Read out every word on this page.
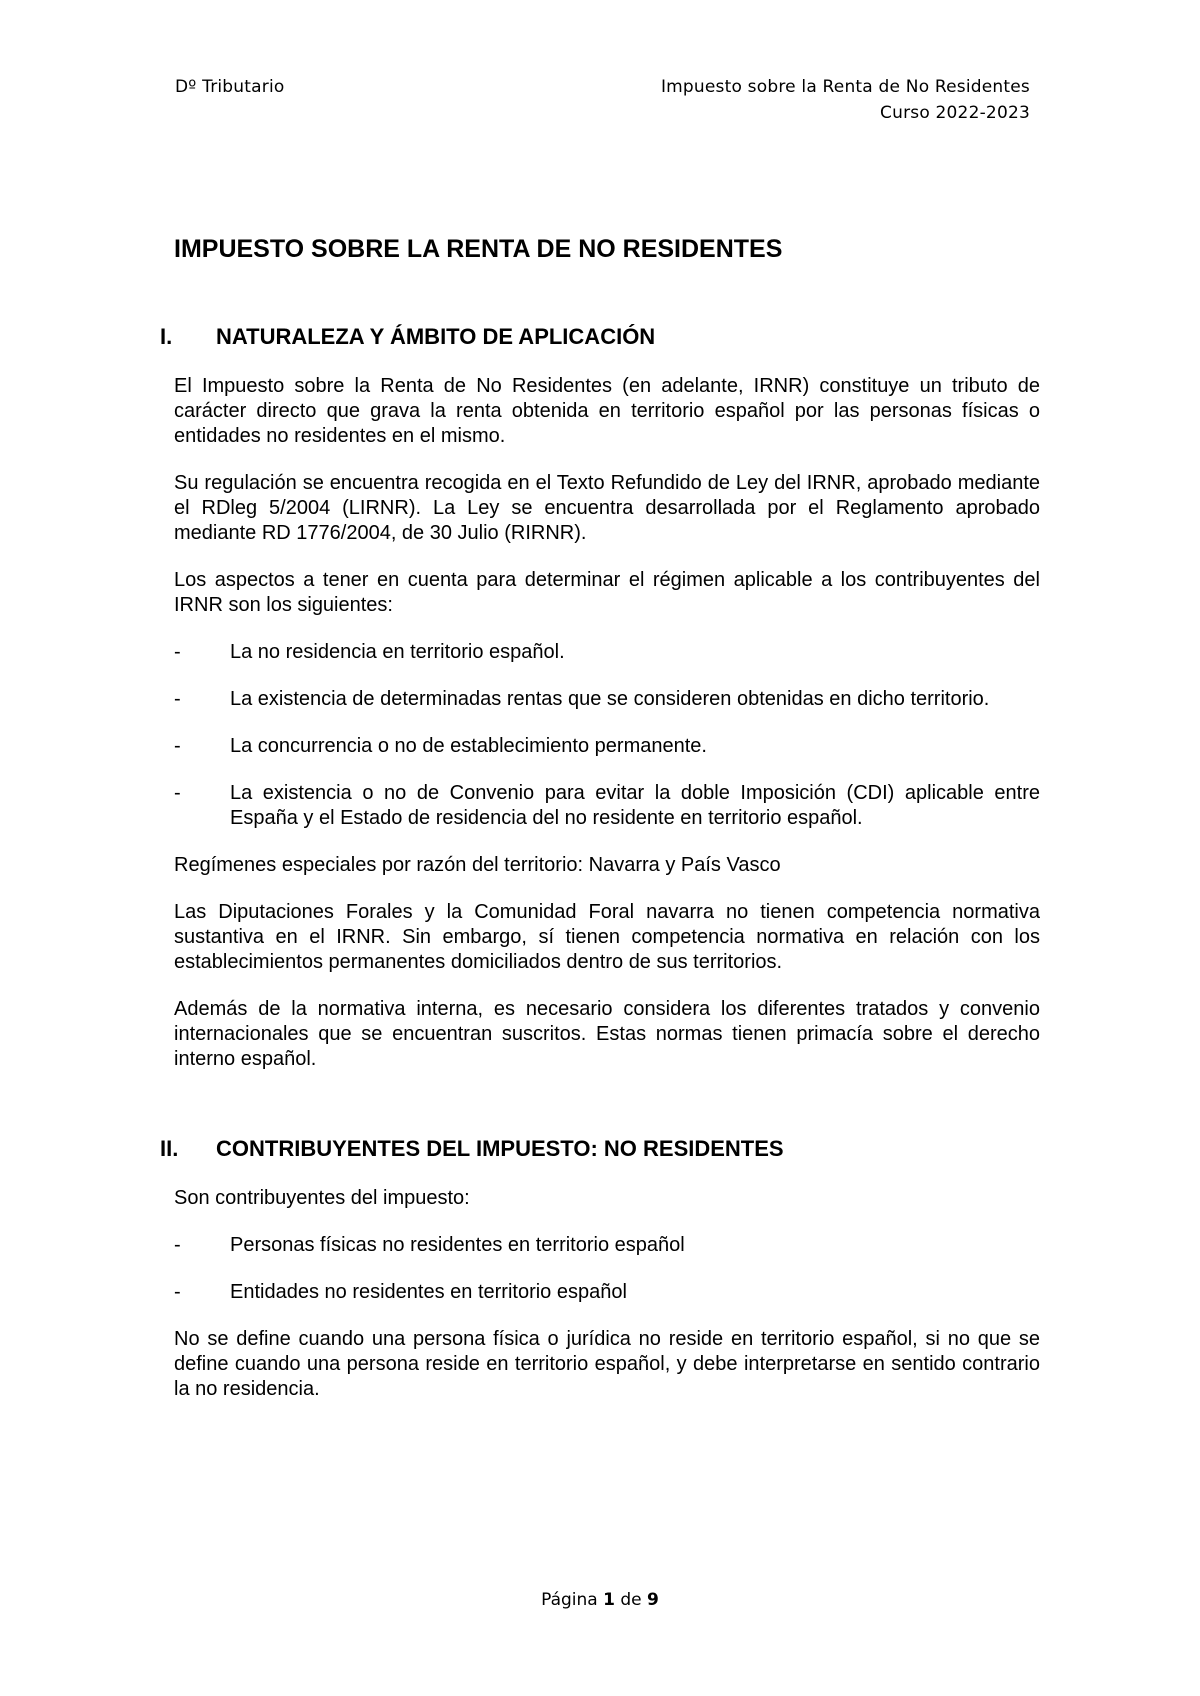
Dº Tributario	Impuesto sobre la Renta de No Residentes
Curso 2022-2023
IMPUESTO SOBRE LA RENTA DE NO RESIDENTES
I.	NATURALEZA Y ÁMBITO DE APLICACIÓN

El Impuesto sobre la Renta de No Residentes (en adelante, IRNR) constituye un tributo de carácter directo que grava la renta obtenida en territorio español por las personas físicas o entidades no residentes en el mismo.

Su regulación se encuentra recogida en el Texto Refundido de Ley del IRNR, aprobado mediante el RDleg 5/2004 (LIRNR). La Ley se encuentra desarrollada por el Reglamento aprobado mediante RD 1776/2004, de 30 Julio (RIRNR).

Los aspectos a tener en cuenta para determinar el régimen aplicable a los contribuyentes del IRNR son los siguientes:

-	La no residencia en territorio español.
-	La existencia de determinadas rentas que se consideren obtenidas en dicho territorio.
-	La concurrencia o no de establecimiento permanente.
-	La existencia o no de Convenio para evitar la doble Imposición (CDI) aplicable entre España y el Estado de residencia del no residente en territorio español.

Regímenes especiales por razón del territorio: Navarra y País Vasco

Las Diputaciones Forales y la Comunidad Foral navarra no tienen competencia normativa sustantiva en el IRNR. Sin embargo, sí tienen competencia normativa en relación con los establecimientos permanentes domiciliados dentro de sus territorios.

Además de la normativa interna, es necesario considera los diferentes tratados y convenio internacionales que se encuentran suscritos. Estas normas tienen primacía sobre el derecho interno español.

II.	CONTRIBUYENTES DEL IMPUESTO: NO RESIDENTES

Son contribuyentes del impuesto:

-	Personas físicas no residentes en territorio español
-	Entidades no residentes en territorio español

No se define cuando una persona física o jurídica no reside en territorio español, si no que se define cuando una persona reside en territorio español, y debe interpretarse en sentido contrario la no residencia.

Página 1 de 9
